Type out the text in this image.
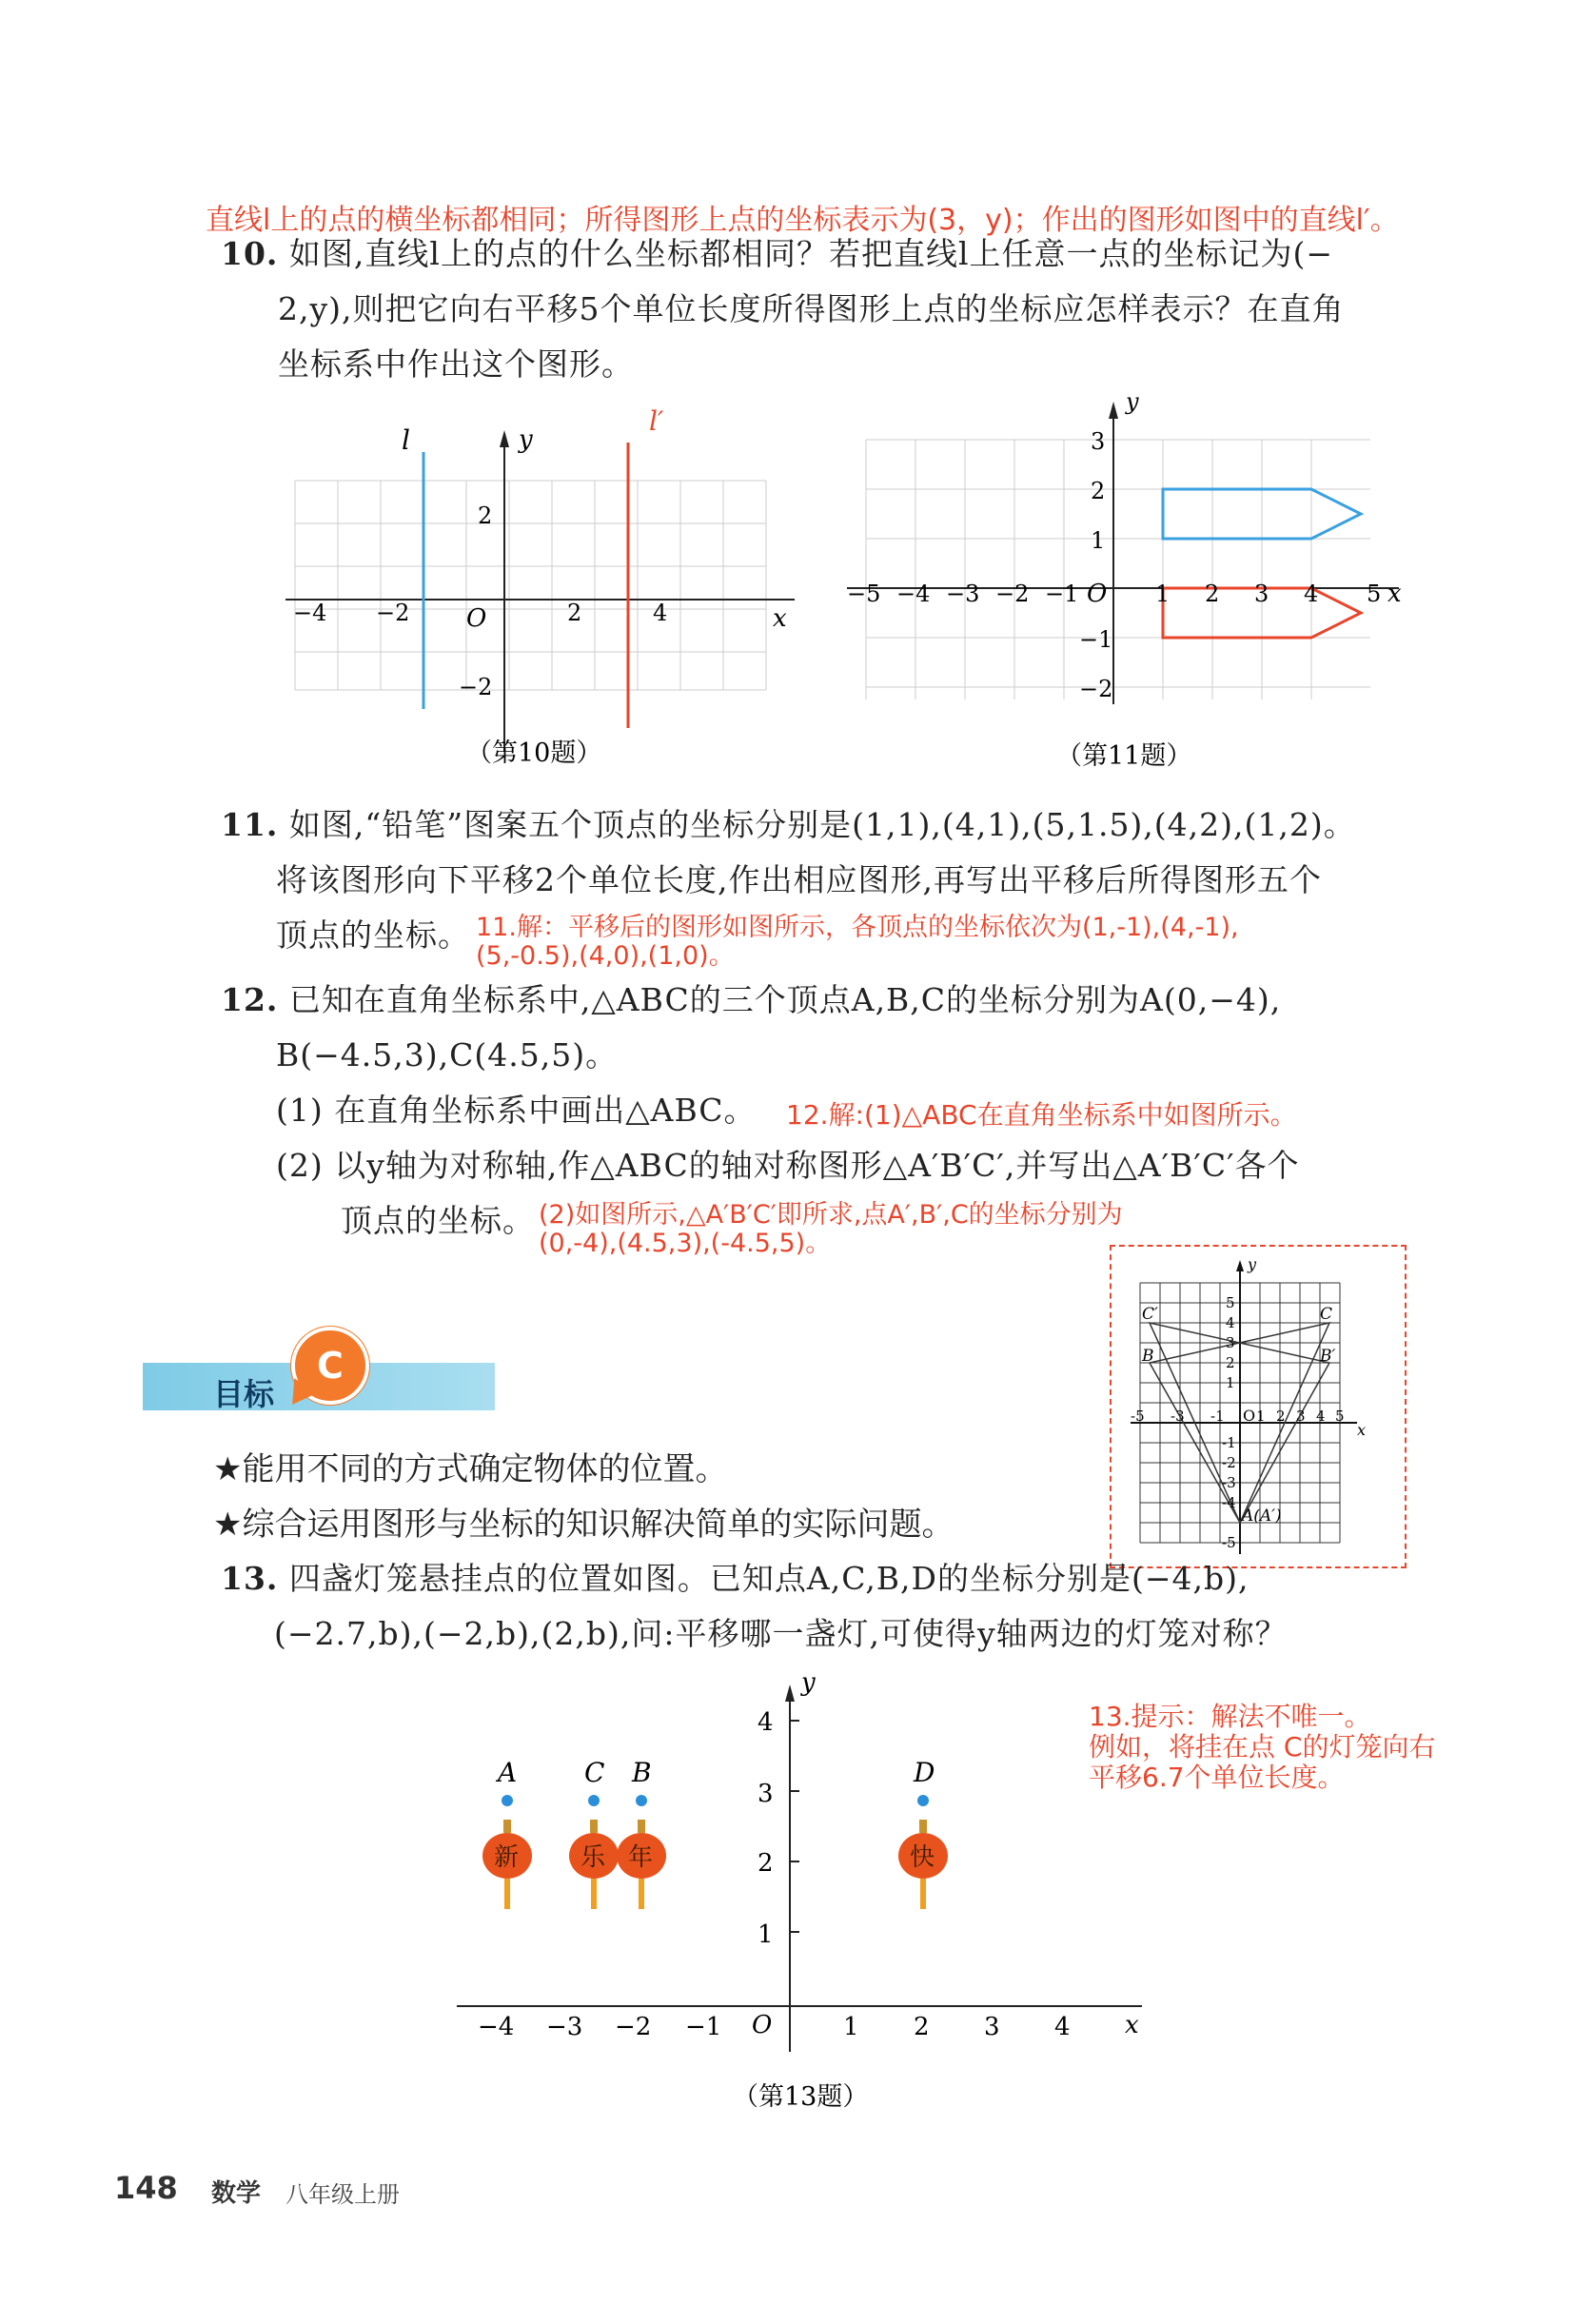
直线l上的点的横坐标都相同；所得图形上点的坐标表示为(3，y)；作出的图形如图中的直线l′。
10. 如图,直线l上的点的什么坐标都相同？若把直线l上任意一点的坐标记为(−
2,y),则把它向右平移5个单位长度所得图形上点的坐标应怎样表示？在直角
坐标系中作出这个图形。
l
l′
y
x
O
−4 −2	2	4
2
−2
（第10题）
y
x
O
−5 −4 −3 −2 −1	1 2 3 4 5
3
2
1
−1
−2
（第11题）
11. 如图,“铅笔”图案五个顶点的坐标分别是(1,1),(4,1),(5,1.5),(4,2),(1,2)。
将该图形向下平移2个单位长度,作出相应图形,再写出平移后所得图形五个
顶点的坐标。 11.解：平移后的图形如图所示，各顶点的坐标依次为(1,-1),(4,-1),
(5,-0.5),(4,0),(1,0)。
12. 已知在直角坐标系中,△ABC的三个顶点A,B,C的坐标分别为A(0,−4),
B(−4.5,3),C(4.5,5)。
(1) 在直角坐标系中画出△ABC。
(2) 以y轴为对称轴,作△ABC的轴对称图形△A′B′C′,并写出△A′B′C′各个
顶点的坐标。
12.解:(1)△ABC在直角坐标系中如图所示。
(2)如图所示,△A′B′C′即所求,点A′,B′,C的坐标分别为
(0,-4),(4.5,3),(-4.5,5)。
C′	C
B	B′
A(A′)
y
x
-5 -3 -1 O 1 2 3 4 5
5
4
3
2
1
-1
-2
-3
-4
-5
目标
C
★能用不同的方式确定物体的位置。
★综合运用图形与坐标的知识解决简单的实际问题。
13. 四盏灯笼悬挂点的位置如图。已知点A,C,B,D的坐标分别是(−4,b),
(−2.7,b),(−2,b),(2,b),问:平移哪一盏灯,可使得y轴两边的灯笼对称？
13.提示：解法不唯一。
例如，将挂在点 C的灯笼向右
平移6.7个单位长度。
y
x
O
−4 −3 −2 −1	1 2 3 4
1
2
3
4
A	C B	D
新 乐 年	快
（第13题）
148 数学 八年级上册
